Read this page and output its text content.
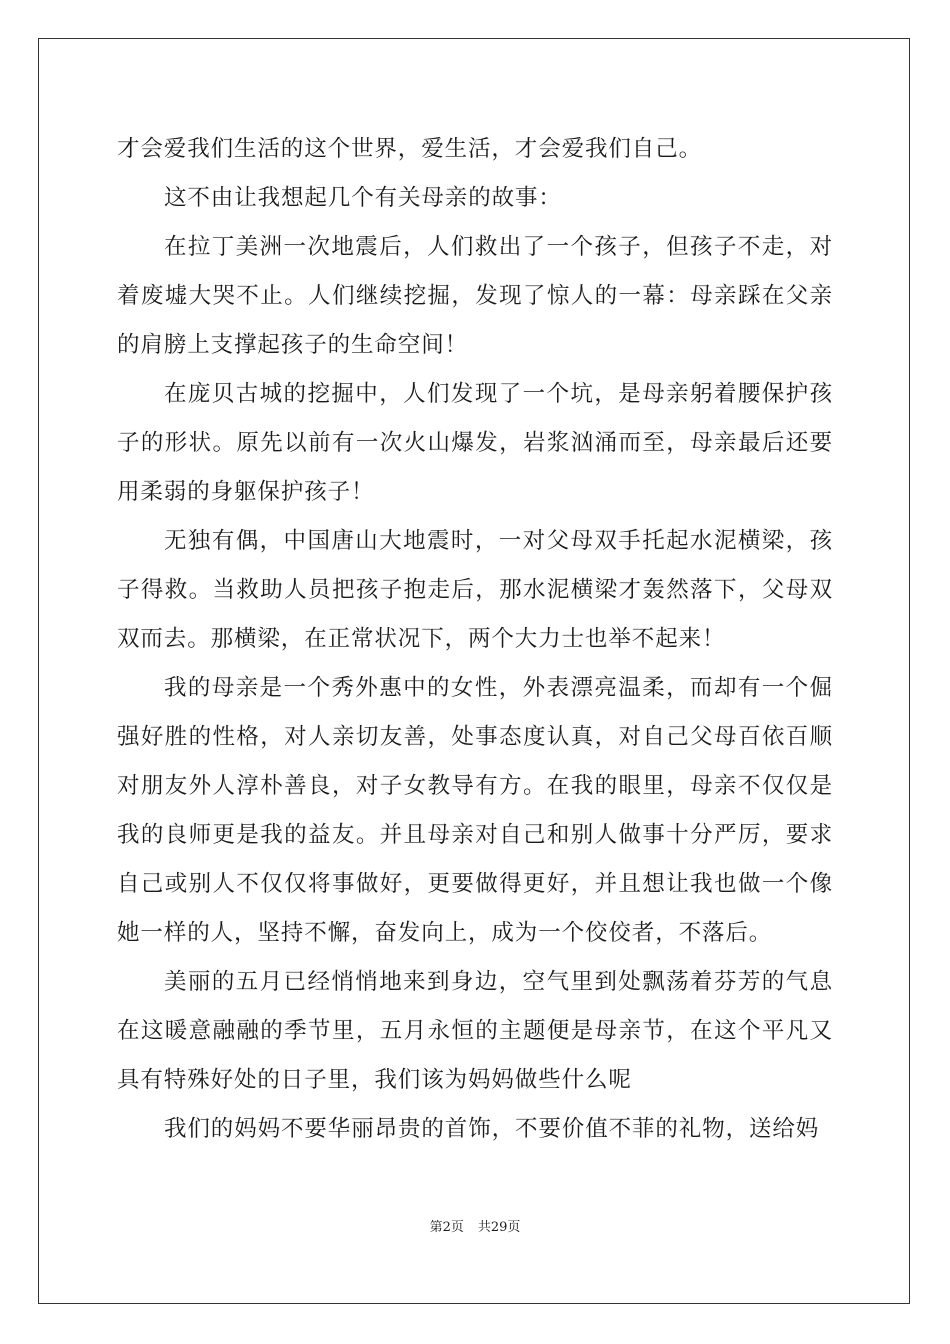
才会爱我们生活的这个世界，爱生活，才会爱我们自己。

这不由让我想起几个有关母亲的故事：

在拉丁美洲一次地震后，人们救出了一个孩子，但孩子不走，对着废墟大哭不止。人们继续挖掘，发现了惊人的一幕：母亲踩在父亲的肩膀上支撑起孩子的生命空间！

在庞贝古城的挖掘中，人们发现了一个坑，是母亲躬着腰保护孩子的形状。原先以前有一次火山爆发，岩浆汹涌而至，母亲最后还要用柔弱的身躯保护孩子！

无独有偶，中国唐山大地震时，一对父母双手托起水泥横梁，孩子得救。当救助人员把孩子抱走后，那水泥横梁才轰然落下，父母双双而去。那横梁，在正常状况下，两个大力士也举不起来！

我的母亲是一个秀外惠中的女性，外表漂亮温柔，而却有一个倔强好胜的性格，对人亲切友善，处事态度认真，对自己父母百依百顺对朋友外人淳朴善良，对子女教导有方。在我的眼里，母亲不仅仅是我的良师更是我的益友。并且母亲对自己和别人做事十分严厉，要求自己或别人不仅仅将事做好，更要做得更好，并且想让我也做一个像她一样的人，坚持不懈，奋发向上，成为一个佼佼者，不落后。

美丽的五月已经悄悄地来到身边，空气里到处飘荡着芬芳的气息在这暖意融融的季节里，五月永恒的主题便是母亲节，在这个平凡又具有特殊好处的日子里，我们该为妈妈做些什么呢

我们的妈妈不要华丽昂贵的首饰，不要价值不菲的礼物，送给妈

第2页 共29页
